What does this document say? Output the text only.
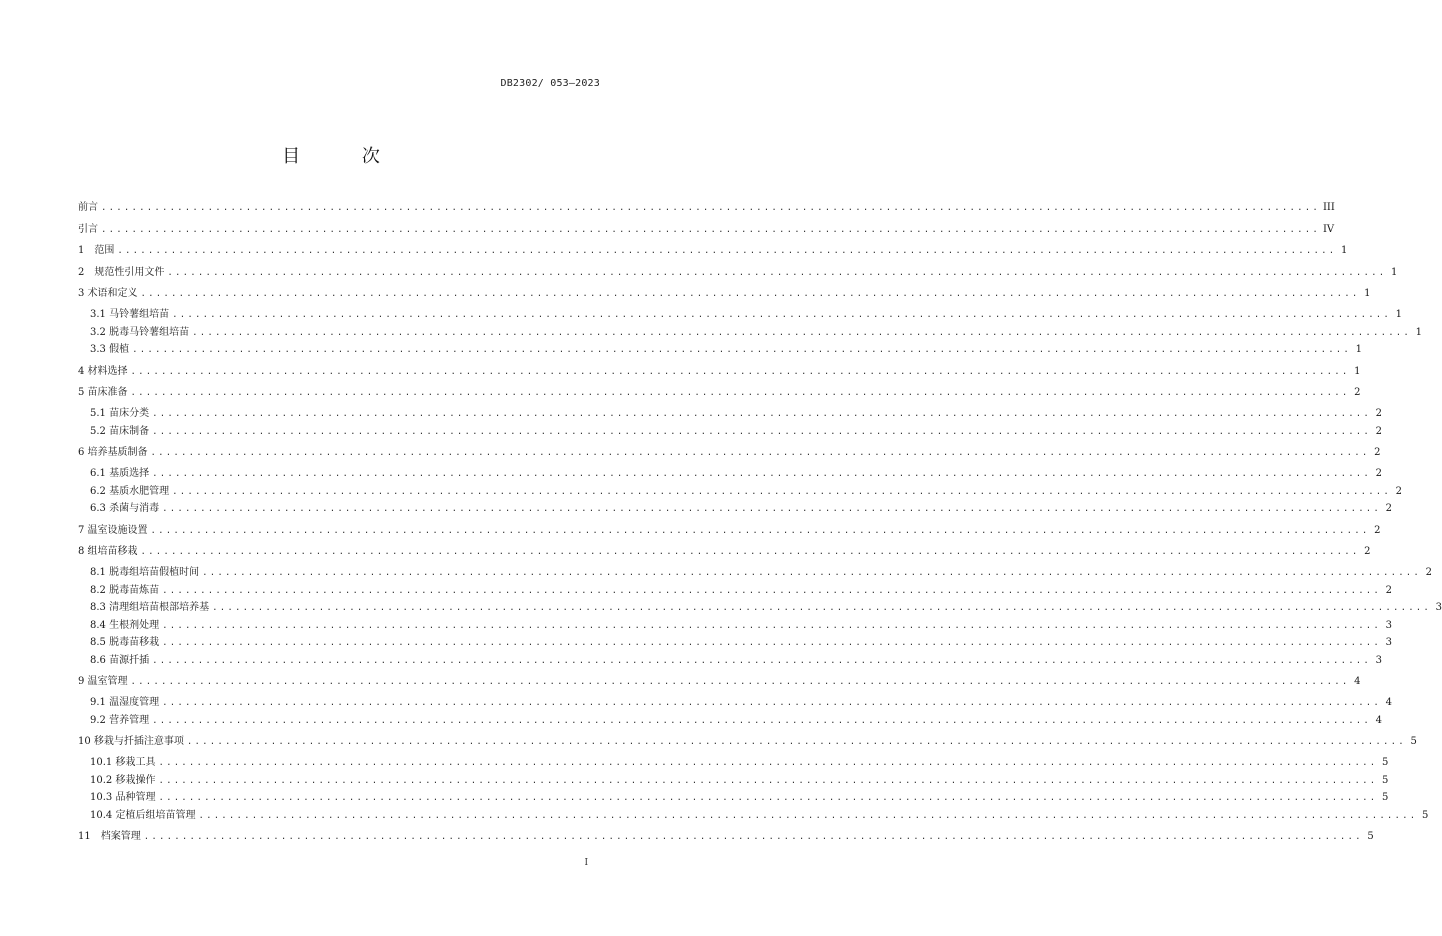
DB2302/ 053—2023
目 次
前言 ................................................................................................................................................................ III
引言 ................................................................................................................................................................ IV
1　范围 ................................................................................................................................................................ 1
2　规范性引用文件 ................................................................................................................................................................ 1
3 术语和定义 ................................................................................................................................................................ 1
3.1 马铃薯组培苗 ................................................................................................................................................................ 1
3.2 脱毒马铃薯组培苗 ................................................................................................................................................................ 1
3.3 假植 ................................................................................................................................................................ 1
4 材料选择 ................................................................................................................................................................ 1
5 苗床准备 ................................................................................................................................................................ 2
5.1 苗床分类 ................................................................................................................................................................ 2
5.2 苗床制备 ................................................................................................................................................................ 2
6 培养基质制备 ................................................................................................................................................................ 2
6.1 基质选择 ................................................................................................................................................................ 2
6.2 基质水肥管理 ................................................................................................................................................................ 2
6.3 杀菌与消毒 ................................................................................................................................................................ 2
7 温室设施设置 ................................................................................................................................................................ 2
8 组培苗移栽 ................................................................................................................................................................ 2
8.1 脱毒组培苗假植时间 ................................................................................................................................................................ 2
8.2 脱毒苗炼苗 ................................................................................................................................................................ 2
8.3 清理组培苗根部培养基 ................................................................................................................................................................ 3
8.4 生根剂处理 ................................................................................................................................................................ 3
8.5 脱毒苗移栽 ................................................................................................................................................................ 3
8.6 苗源扦插 ................................................................................................................................................................ 3
9 温室管理 ................................................................................................................................................................ 4
9.1 温湿度管理 ................................................................................................................................................................ 4
9.2 营养管理 ................................................................................................................................................................ 4
10 移栽与扦插注意事项 ................................................................................................................................................................ 5
10.1 移栽工具 ................................................................................................................................................................ 5
10.2 移栽操作 ................................................................................................................................................................ 5
10.3 品种管理 ................................................................................................................................................................ 5
10.4 定植后组培苗管理 ................................................................................................................................................................ 5
11　档案管理 ................................................................................................................................................................ 5
I
